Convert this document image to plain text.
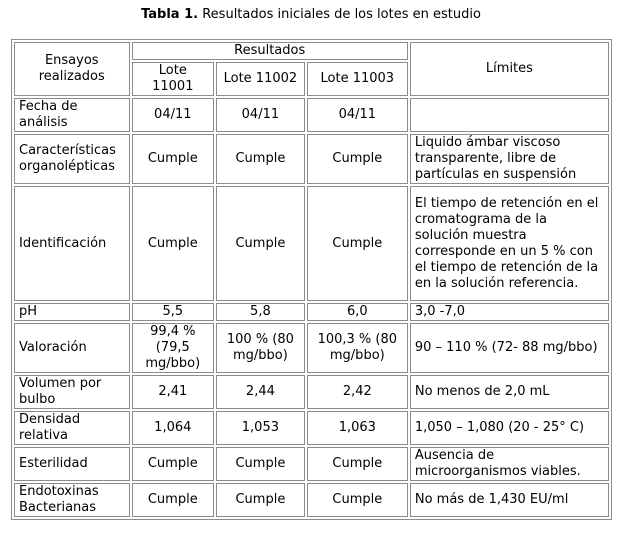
Tabla 1. Resultados iniciales de los lotes en estudio
Ensayos realizados	Resultados			Límites
	Lote 11001	Lote 11002	Lote 11003	
Fecha de análisis	04/11	04/11	04/11	
Características organolépticas	Cumple	Cumple	Cumple	Liquido ámbar viscoso transparente, libre de partículas en suspensión
Identificación	Cumple	Cumple	Cumple	El tiempo de retención en el cromatograma de la solución muestra corresponde en un 5 % con el tiempo de retención de la en la solución referencia.
pH	5,5	5,8	6,0	3,0 -7,0
Valoración	99,4 % (79,5 mg/bbo)	100 % (80 mg/bbo)	100,3 % (80 mg/bbo)	90 – 110 % (72- 88 mg/bbo)
Volumen por bulbo	2,41	2,44	2,42	No menos de 2,0 mL
Densidad relativa	1,064	1,053	1,063	1,050 – 1,080 (20 - 25° C)
Esterilidad	Cumple	Cumple	Cumple	Ausencia de microorganismos viables.
Endotoxinas Bacterianas	Cumple	Cumple	Cumple	No más de 1,430 EU/ml
